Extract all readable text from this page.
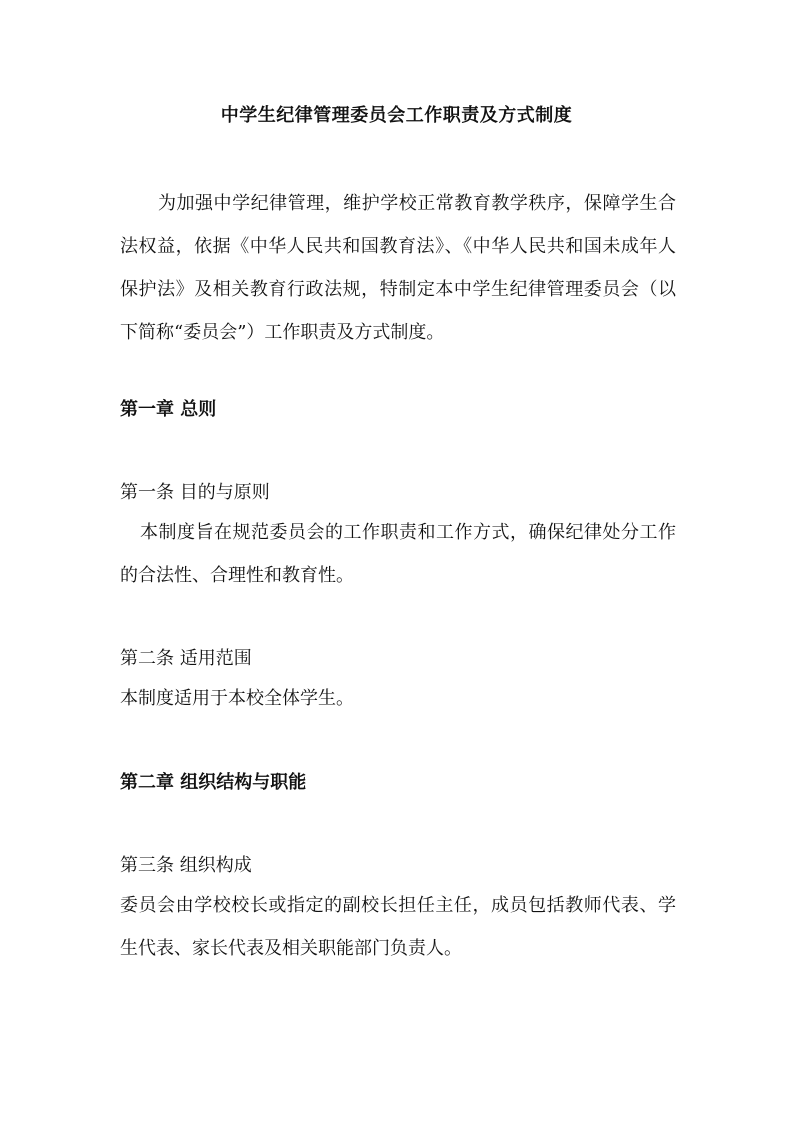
中学生纪律管理委员会工作职责及方式制度

为加强中学纪律管理，维护学校正常教育教学秩序，保障学生合法权益，依据《中华人民共和国教育法》、《中华人民共和国未成年人保护法》及相关教育行政法规，特制定本中学生纪律管理委员会（以下简称“委员会”）工作职责及方式制度。

第一章 总则

第一条 目的与原则

本制度旨在规范委员会的工作职责和工作方式，确保纪律处分工作的合法性、合理性和教育性。

第二条 适用范围

本制度适用于本校全体学生。

第二章 组织结构与职能

第三条 组织构成

委员会由学校校长或指定的副校长担任主任，成员包括教师代表、学生代表、家长代表及相关职能部门负责人。
